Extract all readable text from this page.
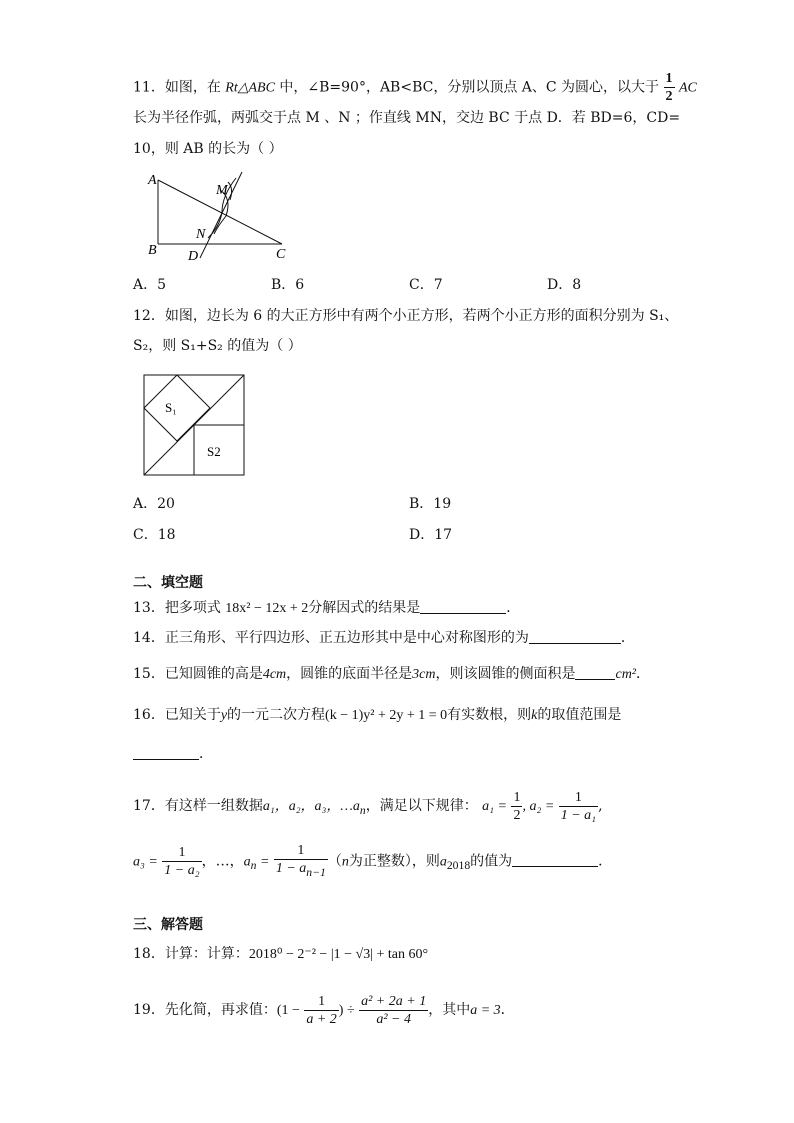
11．如图，在 Rt△ABC 中，∠B=90°，AB<BC，分别以顶点 A、C 为圆心，以大于 $\frac{1}{2}$ AC
长为半径作弧，两弧交于点 M 、N ；作直线 MN，交边 BC 于点 D．若 BD=6，CD=
10，则 AB 的长为（ ）
A
B	C
D
M
N
A．5	B．6	C．7	D．8
12．如图，边长为 6 的大正方形中有两个小正方形，若两个小正方形的面积分别为 S₁、
S₂，则 S₁+S₂ 的值为（ ）
S₁
S2
A．20	B．19
C．18	D．17
二、填空题
13．把多项式 18x² − 12x + 2分解因式的结果是	．
14．正三角形、平行四边形、正五边形其中是中心对称图形的为	．
15．已知圆锥的高是4cm，圆锥的底面半径是3cm，则该圆锥的侧面积是	cm²．
16．已知关于y的一元二次方程(k − 1)y² + 2y + 1 = 0有实数根，则k的取值范围是
．
17．有这样一组数据a₁，a₂，a₃，$\dots a_n$，满足以下规律： $a_1 = \frac{1}{2}$ , $a_2 = \frac{1}{\text{1 − a₁}}$ ,
$a_3 = \frac{1}{\text{1 − a₂}}$ ，…，$a_n = \frac{1}{1 - a_{n-1}} (n$为正整数），则$a_{2018}$的值为	．
三、解答题
18．计算：计算：2018⁰ − 2⁻² − |1 − √3| + tan 60°
19．先化简，再求值：($1 - \frac{1}{a + 2}$ ) ÷ $\frac{\text{a² + 2a + 1}}{\text{a² − 4}}$ ，其中a = 3．
